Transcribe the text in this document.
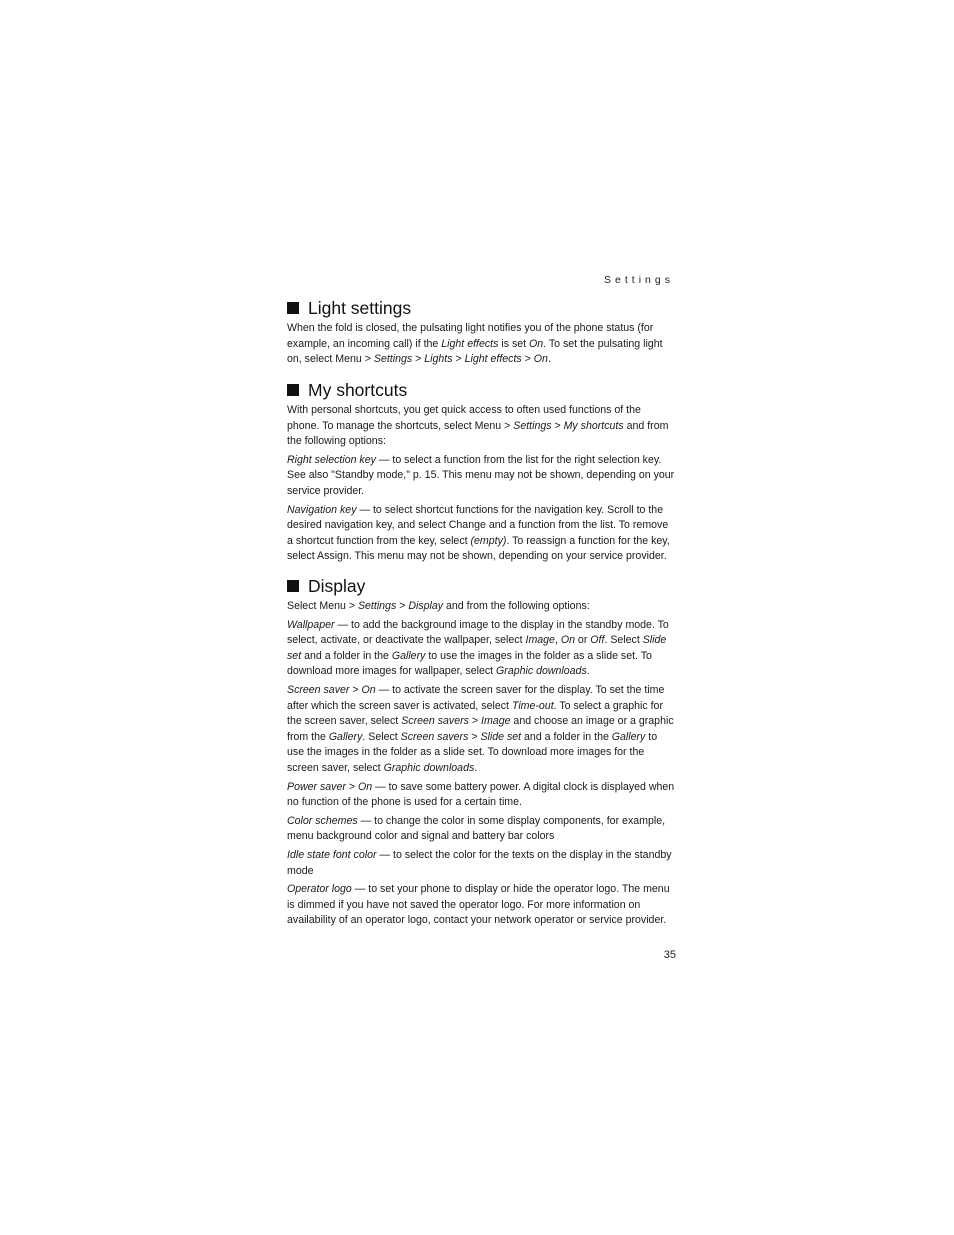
Settings
Light settings

When the fold is closed, the pulsating light notifies you of the phone status (for example, an incoming call) if the Light effects is set On. To set the pulsating light on, select Menu > Settings > Lights > Light effects > On.

My shortcuts

With personal shortcuts, you get quick access to often used functions of the phone. To manage the shortcuts, select Menu > Settings > My shortcuts and from the following options:

Right selection key — to select a function from the list for the right selection key. See also "Standby mode," p. 15. This menu may not be shown, depending on your service provider.

Navigation key — to select shortcut functions for the navigation key. Scroll to the desired navigation key, and select Change and a function from the list. To remove a shortcut function from the key, select (empty). To reassign a function for the key, select Assign. This menu may not be shown, depending on your service provider.

Display

Select Menu > Settings > Display and from the following options:

Wallpaper — to add the background image to the display in the standby mode. To select, activate, or deactivate the wallpaper, select Image, On or Off. Select Slide set and a folder in the Gallery to use the images in the folder as a slide set. To download more images for wallpaper, select Graphic downloads.

Screen saver > On — to activate the screen saver for the display. To set the time after which the screen saver is activated, select Time-out. To select a graphic for the screen saver, select Screen savers > Image and choose an image or a graphic from the Gallery. Select Screen savers > Slide set and a folder in the Gallery to use the images in the folder as a slide set. To download more images for the screen saver, select Graphic downloads.

Power saver > On — to save some battery power. A digital clock is displayed when no function of the phone is used for a certain time.

Color schemes — to change the color in some display components, for example, menu background color and signal and battery bar colors

Idle state font color — to select the color for the texts on the display in the standby mode

Operator logo — to set your phone to display or hide the operator logo. The menu is dimmed if you have not saved the operator logo. For more information on availability of an operator logo, contact your network operator or service provider.

35
